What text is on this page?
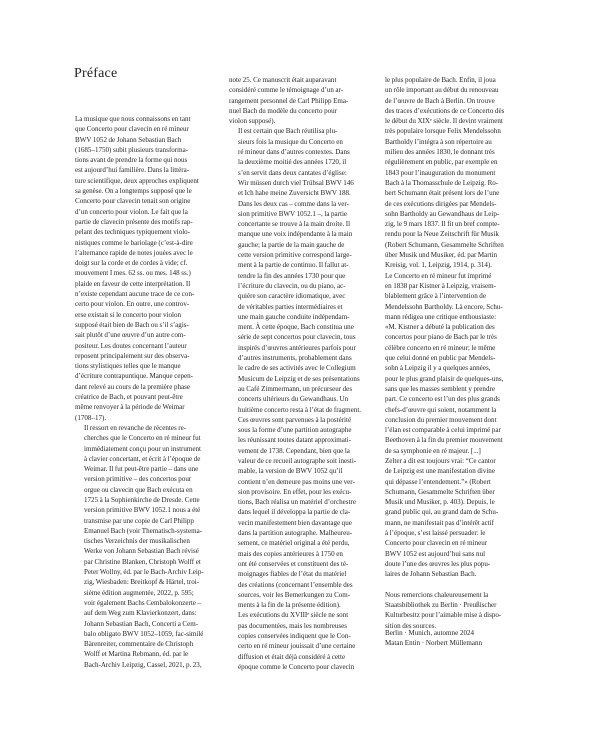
Préface

La musique que nous connaissons en tant
que Concerto pour clavecin en ré mineur
BWV 1052 de Johann Sebastian Bach
(1685–1750) subit plusieurs transforma-
tions avant de prendre la forme qui nous
est aujourd’hui familière. Dans la littéra-
ture scientifique, deux approches expliquent
sa genèse. On a longtemps supposé que le
Concerto pour clavecin tenait son origine
d’un concerto pour violon. Le fait que la
partie de clavecin présente des motifs rap-
pelant des techniques typiquement violo-
nistiques comme le bariolage (c’est-à-dire
l’alternance rapide de notes jouées avec le
doigt sur la corde et de cordes à vide; cf.
mouvement I mes. 62 ss. ou mes. 148 ss.)
plaide en faveur de cette interprétation. Il
n’existe cependant aucune trace de ce con-
certo pour violon. En outre, une controv-
erse existait si le concerto pour violon
supposé était bien de Bach ou s’il s’agis-
sait plutôt d’une œuvre d’un autre com-
positeur. Les doutes concernant l’auteur
reposent principalement sur des observa-
tions stylistiques telles que le manque
d’écriture contrapuntique. Manque cepen-
dant relevé au cours de la première phase
créatrice de Bach, et pouvant peut-être
même renvoyer à la période de Weimar
(1708–17).

Il ressort en revanche de récentes re-
cherches que le Concerto en ré mineur fut
immédiatement conçu pour un instrument
à clavier concertant, et écrit à l’époque de
Weimar. Il fut peut-être partie – dans une
version primitive – des concertos pour
orgue ou clavecin que Bach exécuta en
1725 à la Sophienkirche de Dresde. Cette
version primitive BWV 1052.1 nous a été
transmise par une copie de Carl Philipp
Emanuel Bach (voir Thematisch-systema-
tisches Verzeichnis der musikalischen
Werke von Johann Sebastian Bach révisé
par Christine Blanken, Christoph Wolff et
Peter Wollny, éd. par le Bach-Archiv Leip-
zig, Wiesbaden: Breitkopf & Härtel, troi-
sième édition augmentée, 2022, p. 595;
voir également Bachs Cembalokonzerte –
auf dem Weg zum Klavierkonzert, dans:
Johann Sebastian Bach, Concerti a Cem-
balo obligato BWV 1052–1059, fac-similé
Bärenreiter, commentaire de Christoph
Wolff et Martina Rebmann, éd. par le
Bach-Archiv Leipzig, Cassel, 2021, p. 23,

note 25. Ce manuscrit était auparavant
considéré comme le témoignage d’un ar-
rangement personnel de Carl Philipp Ema-
nuel Bach du modèle du concerto pour
violon supposé).

Il est certain que Bach réutilisa plu-
sieurs fois la musique du Concerto en
ré mineur dans d’autres contextes. Dans
la deuxième moitié des années 1720, il
s’en servit dans deux cantates d’église:
Wir müssen durch viel Trübsal BWV 146
et Ich habe meine Zuversicht BWV 188.
Dans les deux cas – comme dans la ver-
sion primitive BWV 1052.1 –, la partie
concertante se trouve à la main droite. Il
manque une voix indépendante à la main
gauche; la partie de la main gauche de
cette version primitive correspond large-
ment à la partie de continuo. Il fallut at-
tendre la fin des années 1730 pour que
l’écriture du clavecin, ou du piano, ac-
quière son caractère idiomatique, avec
de véritables parties intermédiaires et
une main gauche conduite indépendam-
ment. À cette époque, Bach constitua une
série de sept concertos pour clavecin, tous
inspirés d’œuvres antérieures parfois pour
d’autres instruments, probablement dans
le cadre de ses activités avec le Collegium
Musicum de Leipzig et de ses présentations
au Café Zimmermann, un précurseur des
concerts ultérieurs du Gewandhaus. Un
huitième concerto resta à l’état de fragment.
Ces œuvres sont parvenues à la postérité
sous la forme d’une partition autographe
les réunissant toutes datant approximati-
vement de 1738. Cependant, bien que la
valeur de ce recueil autographe soit inesti-
mable, la version de BWV 1052 qu’il
contient n’en demeure pas moins une ver-
sion provisoire. En effet, pour les exécu-
tions, Bach réalisa un matériel d’orchestre
dans lequel il développa la partie de cla-
vecin manifestement bien davantage que
dans la partition autographe. Malheureu-
sement, ce matériel original a été perdu,
mais des copies antérieures à 1750 en
ont été conservées et constituent des té-
moignages fiables de l’état du matériel
des créations (concernant l’ensemble des
sources, voir les Bemerkungen zu Com-
ments à la fin de la présente édition).

Les exécutions du XVIIIᵉ siècle ne sont
pas documentées, mais les nombreuses
copies conservées indiquent que le Con-
certo en ré mineur jouissait d’une certaine
diffusion et était déjà considéré à cette
époque comme le Concerto pour clavecin

le plus populaire de Bach. Enfin, il joua
un rôle important au début du renouveau
de l’œuvre de Bach à Berlin. On trouve
des traces d’exécutions de ce Concerto dès
le début du XIXᵉ siècle. Il devint vraiment
très populaire lorsque Felix Mendelssohn
Bartholdy l’intégra à son répertoire au
milieu des années 1830, le donnant très
régulièrement en public, par exemple en
1843 pour l’inauguration du monument
Bach à la Thomasschule de Leipzig. Ro-
bert Schumann était présent lors de l’une
de ces exécutions dirigées par Mendels-
sohn Bartholdy au Gewandhaus de Leip-
zig, le 9 mars 1837. Il fit un bref compte-
rendu pour la Neue Zeitschrift für Musik
(Robert Schumann, Gesammelte Schriften
über Musik und Musiker, éd. par Martin
Kreisig, vol. 1, Leipzig, 1914, p. 314).
Le Concerto en ré mineur fut imprimé
en 1838 par Kistner à Leipzig, vraisem-
blablement grâce à l’intervention de
Mendelssohn Bartholdy. Là encore, Schu-
mann rédigea une critique enthousiaste:
«M. Kistner a débuté la publication des
concertos pour piano de Bach par le très
célèbre concerto en ré mineur; le même
que celui donné en public par Mendels-
sohn à Leipzig il y a quelques années,
pour le plus grand plaisir de quelques-uns,
sans que les masses semblent y prendre
part. Ce concerto est l’un des plus grands
chefs-d’œuvre qui soient, notamment la
conclusion du premier mouvement dont
l’élan est comparable à celui imprimé par
Beethoven à la fin du premier mouvement
de sa symphonie en ré majeur. [...]
Zelter a dit est toujours vrai: “Ce cantor
de Leipzig est une manifestation divine
qui dépasse l’entendement.”» (Robert
Schumann, Gesammelte Schriften über
Musik und Musiker, p. 403). Depuis, le
grand public qui, au grand dam de Schu-
mann, ne manifestait pas d’intérêt actif
à l’époque, s’est laissé persuader: le
Concerto pour clavecin en ré mineur
BWV 1052 est aujourd’hui sans nul
doute l’une des œuvres les plus popu-
laires de Johann Sebastian Bach.

Nous remercions chaleureusement la
Staatsbibliothek zu Berlin · Preußischer
Kulturbesitz pour l’aimable mise à dispo-
sition des sources.

Berlin · Munich, automne 2024
Matan Entin · Norbert Müllemann
